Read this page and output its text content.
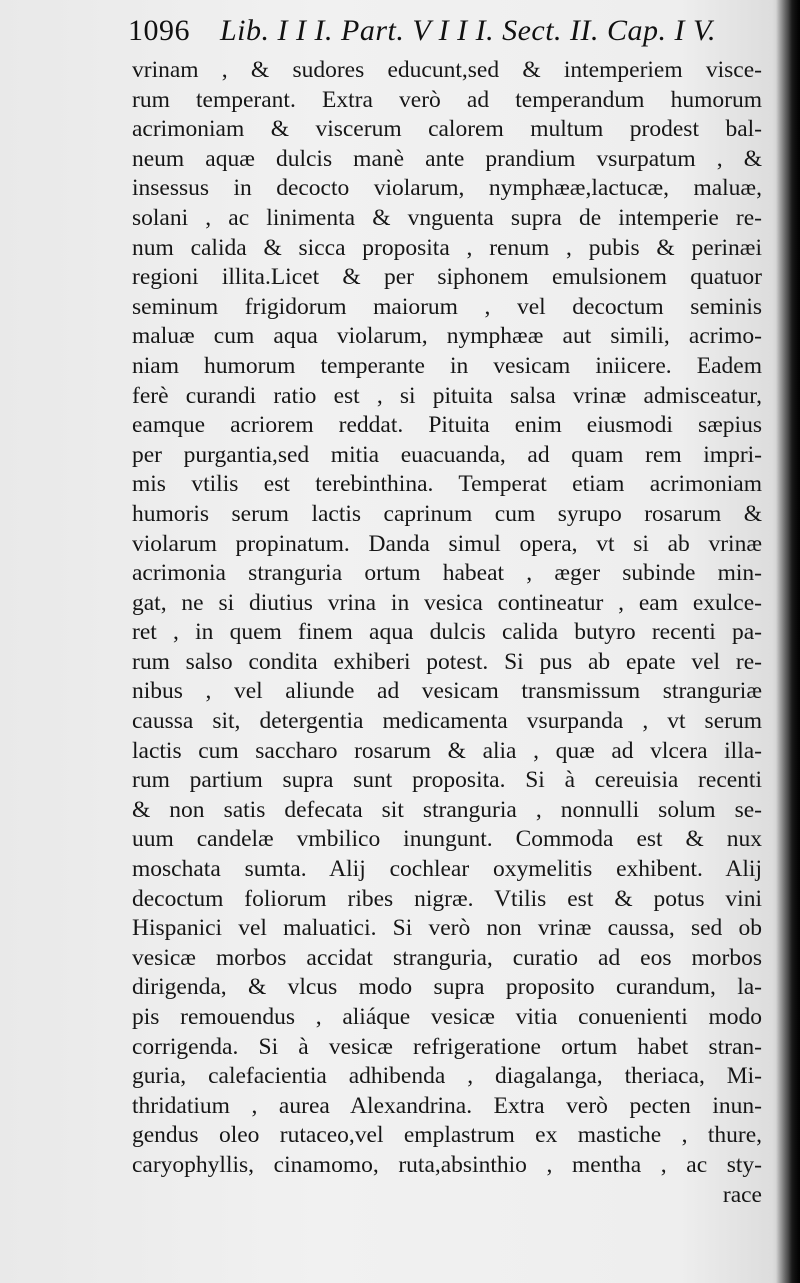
1096 Lib. I I I. Part. V I I I. Sect. II. Cap. I V.
vrinam , & sudores educunt,sed & intemperiem visce-
rum temperant. Extra verò ad temperandum humorum
acrimoniam & viscerum calorem multum prodest bal-
neum aquæ dulcis manè ante prandium vsurpatum , &
insessus in decocto violarum, nymphææ,lactucæ, maluæ,
solani , ac linimenta & vnguenta supra de intemperie re-
num calida & sicca proposita , renum , pubis & perinæi
regioni illita.Licet & per siphonem emulsionem quatuor
seminum frigidorum maiorum , vel decoctum seminis
maluæ cum aqua violarum, nymphææ aut simili, acrimo-
niam humorum temperante in vesicam iniicere. Eadem
ferè curandi ratio est , si pituita salsa vrinæ admisceatur,
eamque acriorem reddat. Pituita enim eiusmodi sæpius
per purgantia,sed mitia euacuanda, ad quam rem impri-
mis vtilis est terebinthina. Temperat etiam acrimoniam
humoris serum lactis caprinum cum syrupo rosarum &
violarum propinatum. Danda simul opera, vt si ab vrinæ
acrimonia stranguria ortum habeat , æger subinde min-
gat, ne si diutius vrina in vesica contineatur , eam exulce-
ret , in quem finem aqua dulcis calida butyro recenti pa-
rum salso condita exhiberi potest. Si pus ab epate vel re-
nibus , vel aliunde ad vesicam transmissum stranguriæ
caussa sit, detergentia medicamenta vsurpanda , vt serum
lactis cum saccharo rosarum & alia , quæ ad vlcera illa-
rum partium supra sunt proposita. Si à cereuisia recenti
& non satis defecata sit stranguria , nonnulli solum se-
uum candelæ vmbilico inungunt. Commoda est & nux
moschata sumta. Alij cochlear oxymelitis exhibent. Alij
decoctum foliorum ribes nigræ. Vtilis est & potus vini
Hispanici vel maluatici. Si verò non vrinæ caussa, sed ob
vesicæ morbos accidat stranguria, curatio ad eos morbos
dirigenda, & vlcus modo supra proposito curandum, la-
pis remouendus , aliáque vesicæ vitia conuenienti modo
corrigenda. Si à vesicæ refrigeratione ortum habet stran-
guria, calefacientia adhibenda , diagalanga, theriaca, Mi-
thridatium , aurea Alexandrina. Extra verò pecten inun-
gendus oleo rutaceo,vel emplastrum ex mastiche , thure,
caryophyllis, cinamomo, ruta,absinthio , mentha , ac sty-
race
